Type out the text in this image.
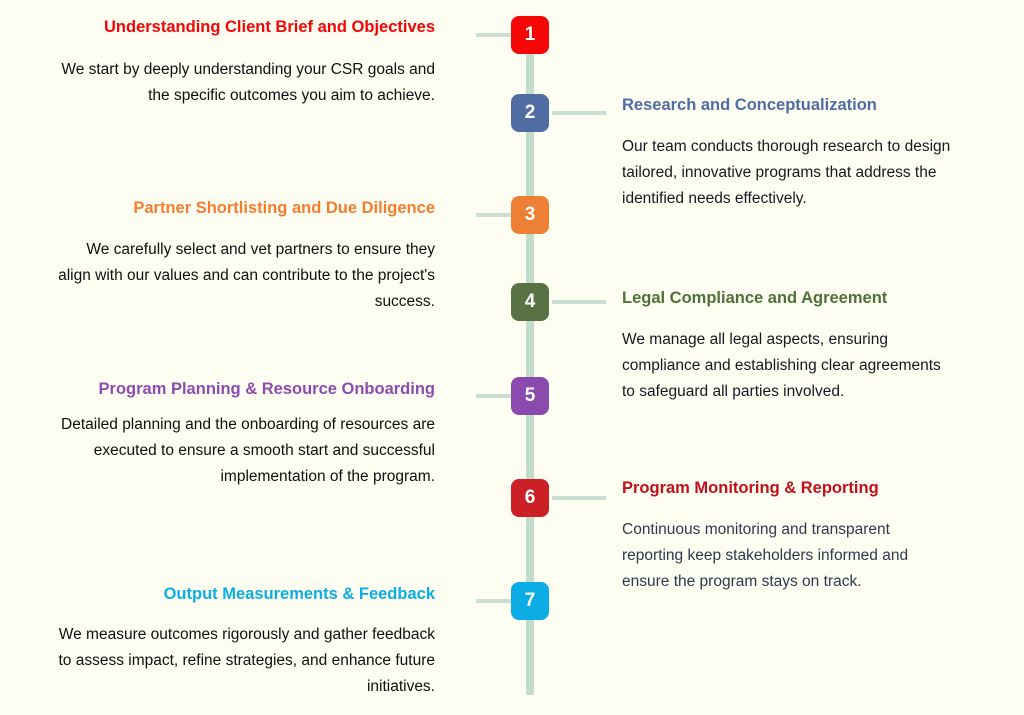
1
Understanding Client Brief and Objectives

We start by deeply understanding your CSR goals and the specific outcomes you aim to achieve.

2	Research and Conceptualization

Our team conducts thorough research to design tailored, innovative programs that address the identified needs effectively.

3
Partner Shortlisting and Due Diligence

We carefully select and vet partners to ensure they align with our values and can contribute to the project's success.	4	Legal Compliance and Agreement

We manage all legal aspects, ensuring compliance and establishing clear agreements to safeguard all parties involved.

5
Program Planning & Resource Onboarding

Detailed planning and the onboarding of resources are executed to ensure a smooth start and successful implementation of the program.

6	Program Monitoring & Reporting

Continuous monitoring and transparent reporting keep stakeholders informed and ensure the program stays on track.

7
Output Measurements & Feedback

We measure outcomes rigorously and gather feedback to assess impact, refine strategies, and enhance future initiatives.
